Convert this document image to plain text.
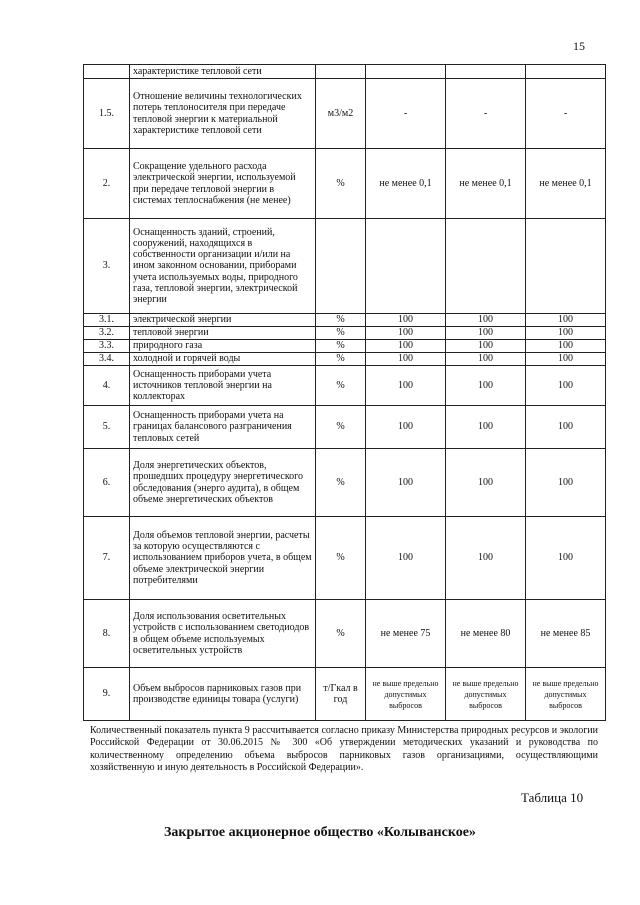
15
	характеристике тепловой сети				
1.5.	Отношение величины технологических потерь теплоносителя при передаче тепловой энергии к материальной характеристике тепловой сети	м3/м2	-	-	-
2.	Сокращение удельного расхода электрической энергии, используемой при передаче тепловой энергии в системах теплоснабжения (не менее)	%	не менее 0,1	не менее 0,1	не менее 0,1
3.	Оснащенность зданий, строений, сооружений, находящихся в собственности организации и/или на ином законном основании, приборами учета используемых воды, природного газа, тепловой энергии, электрической энергии				
3.1.	электрической энергии	%	100	100	100
3.2.	тепловой энергии	%	100	100	100
3.3.	природного газа	%	100	100	100
3.4.	холодной и горячей воды	%	100	100	100
4.	Оснащенность приборами учета источников тепловой энергии на коллекторах	%	100	100	100
5.	Оснащенность приборами учета на границах балансового разграничения тепловых сетей	%	100	100	100
6.	Доля энергетических объектов, прошедших процедуру энергетического обследования (энерго аудита), в общем объеме энергетических объектов	%	100	100	100
7.	Доля объемов тепловой энергии, расчеты за которую осуществляются с использованием приборов учета, в общем объеме электрической энергии потребителями	%	100	100	100
8.	Доля использования осветительных устройств с использованием светодиодов в общем объеме используемых осветительных устройств	%	не менее 75	не менее 80	не менее 85
9.	Объем выбросов парниковых газов при производстве единицы товара (услуги)	т/Гкал в год	не выше предельно допустимых выбросов	не выше предельно допустимых выбросов	не выше предельно допустимых выбросов
Количественный показатель пункта 9 рассчитывается согласно приказу Министерства природных ресурсов и экологии Российской Федерации от 30.06.2015 № 300 «Об утверждении методических указаний и руководства по количественному определению объема выбросов парниковых газов организациями, осуществляющими хозяйственную и иную деятельность в Российской Федерации».
Таблица 10
Закрытое акционерное общество «Колыванское»
